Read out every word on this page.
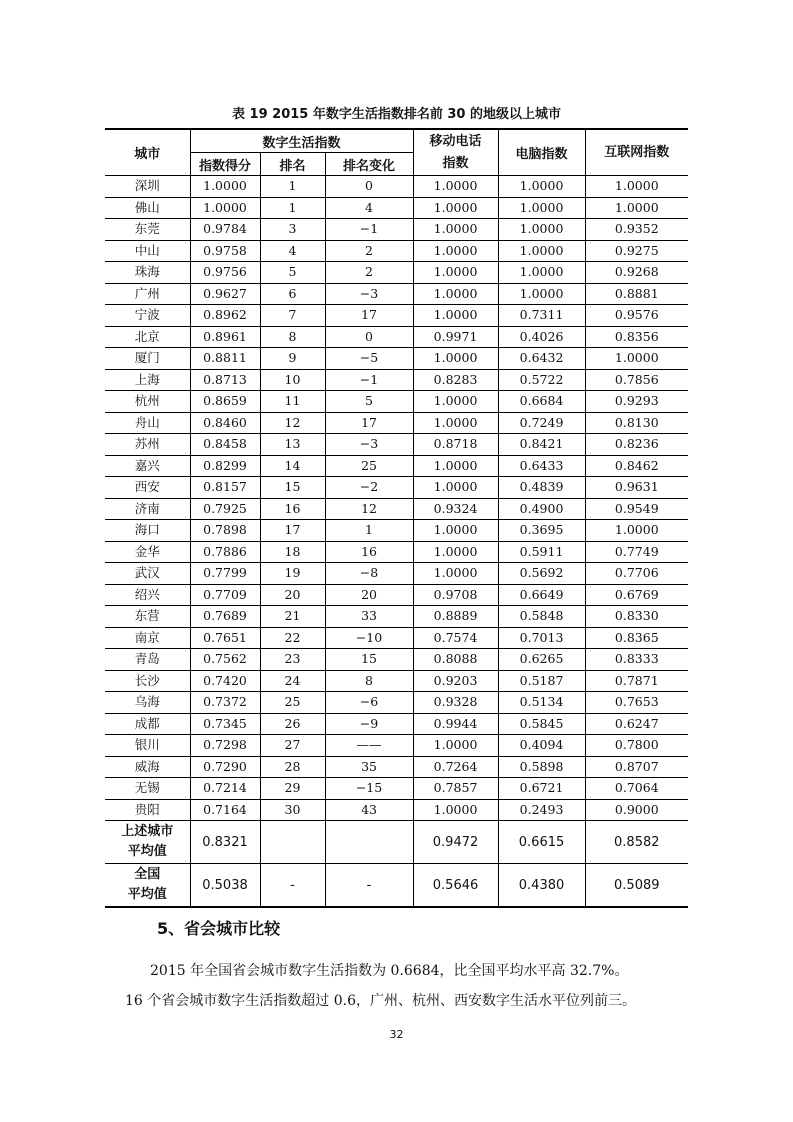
表 19 2015 年数字生活指数排名前 30 的地级以上城市
城市	数字生活指数			移动电话指数	电脑指数	互联网指数

	指数得分	排名	排名变化			
深圳	1.0000	1	0	1.0000	1.0000	1.0000
佛山	1.0000	1	4	1.0000	1.0000	1.0000
东莞	0.9784	3	−1	1.0000	1.0000	0.9352
中山	0.9758	4	2	1.0000	1.0000	0.9275
珠海	0.9756	5	2	1.0000	1.0000	0.9268
广州	0.9627	6	−3	1.0000	1.0000	0.8881
宁波	0.8962	7	17	1.0000	0.7311	0.9576
北京	0.8961	8	0	0.9971	0.4026	0.8356
厦门	0.8811	9	−5	1.0000	0.6432	1.0000
上海	0.8713	10	−1	0.8283	0.5722	0.7856
杭州	0.8659	11	5	1.0000	0.6684	0.9293
舟山	0.8460	12	17	1.0000	0.7249	0.8130
苏州	0.8458	13	−3	0.8718	0.8421	0.8236
嘉兴	0.8299	14	25	1.0000	0.6433	0.8462
西安	0.8157	15	−2	1.0000	0.4839	0.9631
济南	0.7925	16	12	0.9324	0.4900	0.9549
海口	0.7898	17	1	1.0000	0.3695	1.0000
金华	0.7886	18	16	1.0000	0.5911	0.7749
武汉	0.7799	19	−8	1.0000	0.5692	0.7706
绍兴	0.7709	20	20	0.9708	0.6649	0.6769
东营	0.7689	21	33	0.8889	0.5848	0.8330
南京	0.7651	22	−10	0.7574	0.7013	0.8365
青岛	0.7562	23	15	0.8088	0.6265	0.8333
长沙	0.7420	24	8	0.9203	0.5187	0.7871
乌海	0.7372	25	−6	0.9328	0.5134	0.7653
成都	0.7345	26	−9	0.9944	0.5845	0.6247
银川	0.7298	27	——	1.0000	0.4094	0.7800
威海	0.7290	28	35	0.7264	0.5898	0.8707
无锡	0.7214	29	−15	0.7857	0.6721	0.7064
贵阳	0.7164	30	43	1.0000	0.2493	0.9000

上述城市
平均值	0.8321			0.9472	0.6615	0.8582

全国
平均值	0.5038	-	-	0.5646	0.4380	0.5089
5、省会城市比较
2015 年全国省会城市数字生活指数为 0.6684，比全国平均水平高 32.7%。
16 个省会城市数字生活指数超过 0.6，广州、杭州、西安数字生活水平位列前三。
32
